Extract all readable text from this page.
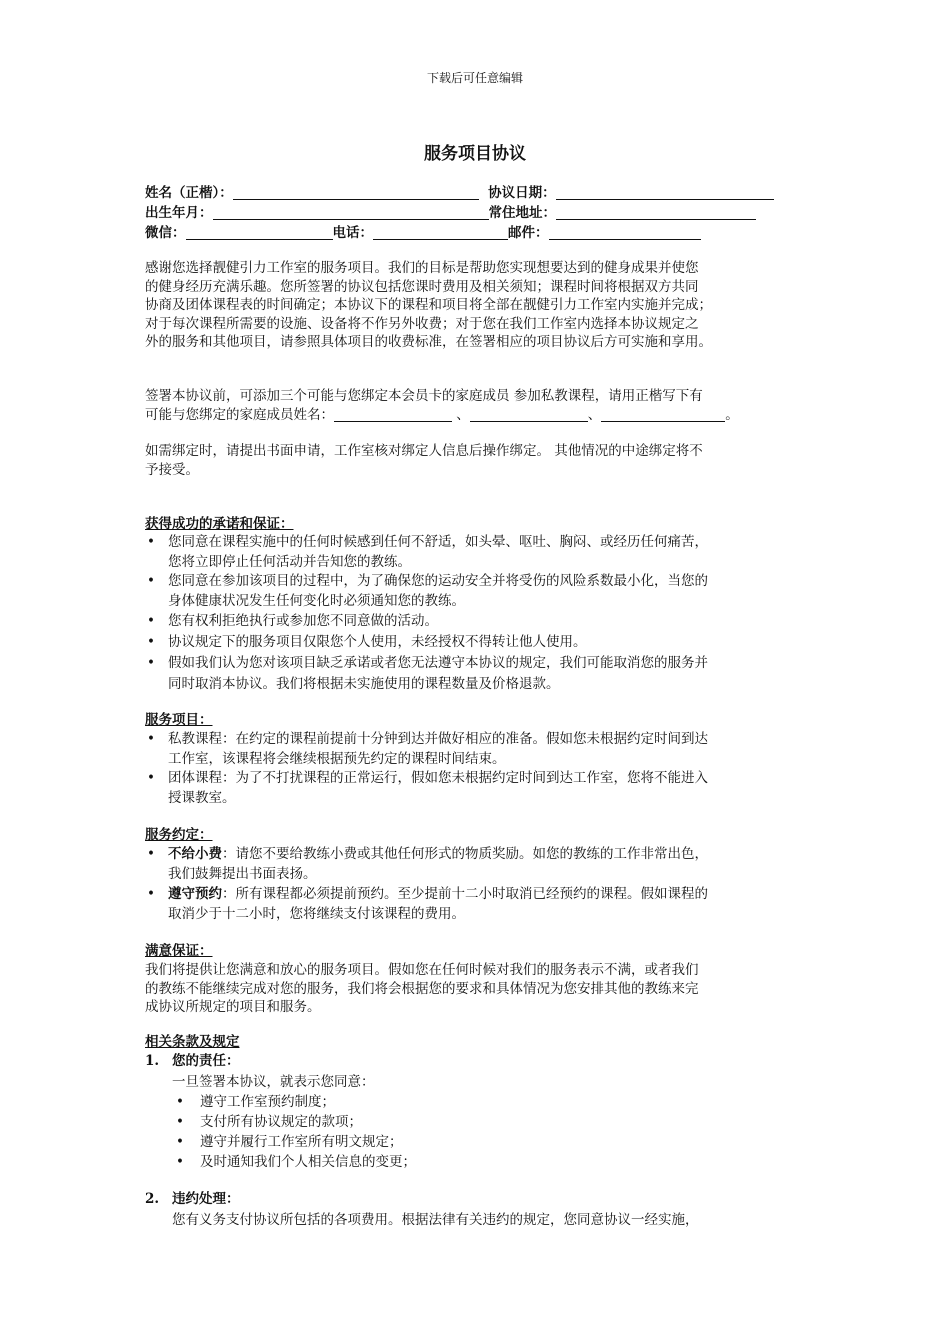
下载后可任意编辑
服务项目协议
姓名（正楷）：	协议日期：
出生年月：	常住地址：
微信：	电话：	邮件：
感谢您选择靓健引力工作室的服务项目。我们的目标是帮助您实现想要达到的健身成果并使您
的健身经历充满乐趣。您所签署的协议包括您课时费用及相关须知；课程时间将根据双方共同
协商及团体课程表的时间确定；本协议下的课程和项目将全部在靓健引力工作室内实施并完成；
对于每次课程所需要的设施、设备将不作另外收费；对于您在我们工作室内选择本协议规定之
外的服务和其他项目，请参照具体项目的收费标准，在签署相应的项目协议后方可实施和享用。
签署本协议前，可添加三个可能与您绑定本会员卡的家庭成员 参加私教课程，请用正楷写下有
可能与您绑定的家庭成员姓名：	、	、	。
如需绑定时，请提出书面申请，工作室核对绑定人信息后操作绑定。 其他情况的中途绑定将不
予接受。
获得成功的承诺和保证：
• 您同意在课程实施中的任何时候感到任何不舒适，如头晕、呕吐、胸闷、或经历任何痛苦，
您将立即停止任何活动并告知您的教练。
• 您同意在参加该项目的过程中，为了确保您的运动安全并将受伤的风险系数最小化，当您的
身体健康状况发生任何变化时必须通知您的教练。
• 您有权利拒绝执行或参加您不同意做的活动。
• 协议规定下的服务项目仅限您个人使用，未经授权不得转让他人使用。
• 假如我们认为您对该项目缺乏承诺或者您无法遵守本协议的规定，我们可能取消您的服务并
同时取消本协议。我们将根据未实施使用的课程数量及价格退款。
服务项目：
• 私教课程：在约定的课程前提前十分钟到达并做好相应的准备。假如您未根据约定时间到达
工作室，该课程将会继续根据预先约定的课程时间结束。
• 团体课程：为了不打扰课程的正常运行，假如您未根据约定时间到达工作室，您将不能进入
授课教室。
服务约定：
• 不给小费：请您不要给教练小费或其他任何形式的物质奖励。如您的教练的工作非常出色，
我们鼓舞提出书面表扬。
• 遵守预约：所有课程都必须提前预约。至少提前十二小时取消已经预约的课程。假如课程的
取消少于十二小时，您将继续支付该课程的费用。
满意保证：
我们将提供让您满意和放心的服务项目。假如您在任何时候对我们的服务表示不满，或者我们
的教练不能继续完成对您的服务，我们将会根据您的要求和具体情况为您安排其他的教练来完
成协议所规定的项目和服务。
相关条款及规定
1. 您的责任：
一旦签署本协议，就表示您同意：
• 遵守工作室预约制度；
• 支付所有协议规定的款项；
• 遵守并履行工作室所有明文规定；
• 及时通知我们个人相关信息的变更；
2. 违约处理：
您有义务支付协议所包括的各项费用。根据法律有关违约的规定，您同意协议一经实施，
